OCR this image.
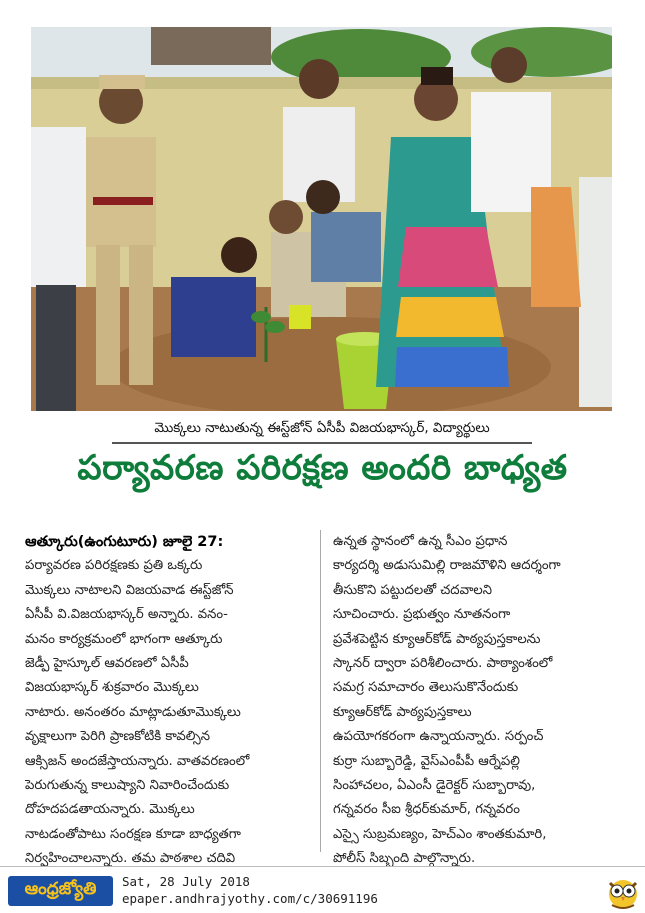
మొక్కలు నాటుతున్న ఈస్ట్‌జోన్ ఏసీపీ విజయభాస్కర్, విద్యార్థులు
పర్యావరణ పరిరక్షణ అందరి బాధ్యత
ఆత్కూరు(ఉంగుటూరు) జూలై 27:
పర్యావరణ పరిరక్షణకు ప్రతి ఒక్కరు
మొక్కలు నాటాలని విజయవాడ ఈస్ట్‌జోన్
ఏసీపీ వి.విజయభాస్కర్ అన్నారు. వనం-
మనం కార్యక్రమంలో భాగంగా ఆత్కూరు
జెడ్పీ హైస్కూల్ ఆవరణలో ఏసీపీ
విజయభాస్కర్ శుక్రవారం మొక్కలు
నాటారు. అనంతరం మాట్లాడుతూమొక్కలు
వృక్షాలుగా పెరిగి ప్రాణకోటికి కావల్సిన
ఆక్సిజన్ అందజేస్తాయన్నారు. వాతవరణంలో
పెరుగుతున్న కాలుష్యాని నివారించేందుకు
దోహదపడతాయన్నారు. మొక్కలు
నాటడంతోపాటు సంరక్షణ కూడా బాధ్యతగా
నిర్వహించాలన్నారు. తమ పాఠశాల చదివి
ఉన్నత స్థానంలో ఉన్న సీఎం ప్రధాన
కార్యదర్శి అడుసుమిల్లి రాజమౌళిని ఆదర్శంగా
తీసుకొని పట్టుదలతో చదవాలని
సూచించారు. ప్రభుత్వం నూతనంగా
ప్రవేశపెట్టిన క్యూఆర్‌కోడ్ పాఠ్యపుస్తకాలను
స్కానర్ ద్వారా పరిశీలించారు. పాఠ్యాంశంలో
సమగ్ర సమాచారం తెలుసుకొనేందుకు
క్యూఆర్‌కోడ్ పాఠ్యపుస్తకాలు
ఉపయోగకరంగా ఉన్నాయన్నారు. సర్పంచ్
కుర్రా సుబ్బారెడ్డి, వైస్‌ఎంపీపీ ఆర్నేపల్లి
సింహాచలం, ఏఎంసీ డైరెక్టర్ సుబ్బారావు,
గన్నవరం సీఐ శ్రీధర్‌కుమార్, గన్నవరం
ఎస్సై సుబ్రమణ్యం, హెచ్ఎం శాంతకుమారి,
పోలీస్ సిబ్బంది పాల్గొన్నారు.
ఆంధ్రజ్యోతి Sat, 28 July 2018
epaper.andhrajyothy.com/c/30691196
